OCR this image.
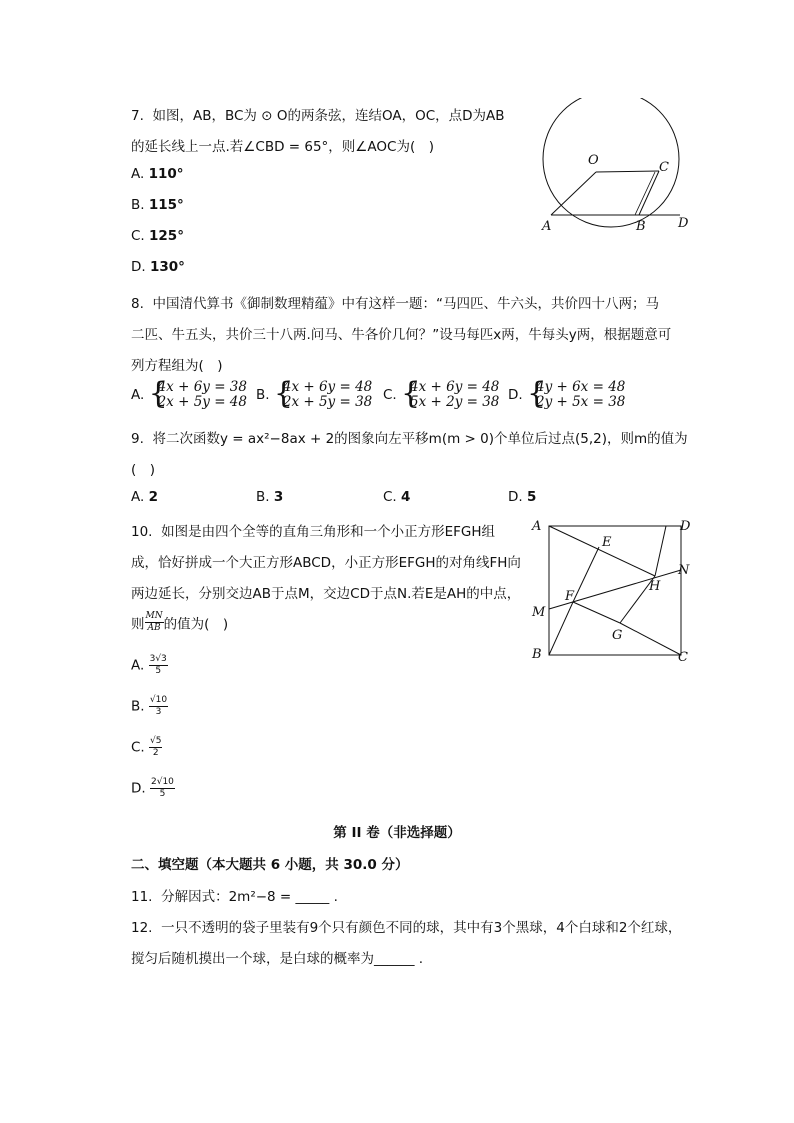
7. 如图，AB，BC为 ⊙ O的两条弦，连结OA，OC，点D为AB
的延长线上一点.若∠CBD = 65°，则∠AOC为(　)
A. 110°
B. 115°
C. 125°
D. 130°
O	C
A	B D
8. 中国清代算书《御制数理精蕴》中有这样一题：“马四匹、牛六头，共价四十八两；马
二匹、牛五头，共价三十八两.问马、牛各价几何？”设马每匹x两，牛每头y两，根据题意可
列方程组为(　)
A. {
4x + 6y = 38
2x + 5y = 48 B. {
4x + 6y = 48
2x + 5y = 38 C. {
4x + 6y = 48
5x + 2y = 38 D. {
4y + 6x = 48
2y + 5x = 38
9. 将二次函数y = ax²−8ax + 2的图象向左平移m(m > 0)个单位后过点(5,2)，则m的值为
(　)
A. 2	B. 3	C. 4	D. 5
10. 如图是由四个全等的直角三角形和一个小正方形EFGH组
成，恰好拼成一个大正方形ABCD，小正方形EFGH的对角线FH向
两边延长，分别交边AB于点M，交边CD于点N.若E是AH的中点，
则 $\frac{MN}{AB}$ 的值为(　)
A. $\frac{3√3}{5}$
B. $\frac{√10}{3}$
C. $\frac{√5}{2}$
D. $\frac{2√10}{5}$
A	D
E
N
H
F
M
G
B	C
第 II 卷（非选择题）
二、填空题（本大题共 6 小题，共 30.0 分）
11. 分解因式：2m²−8 = _____ .
12. 一只不透明的袋子里装有9个只有颜色不同的球，其中有3个黑球，4个白球和2个红球，
搅匀后随机摸出一个球，是白球的概率为______ .
